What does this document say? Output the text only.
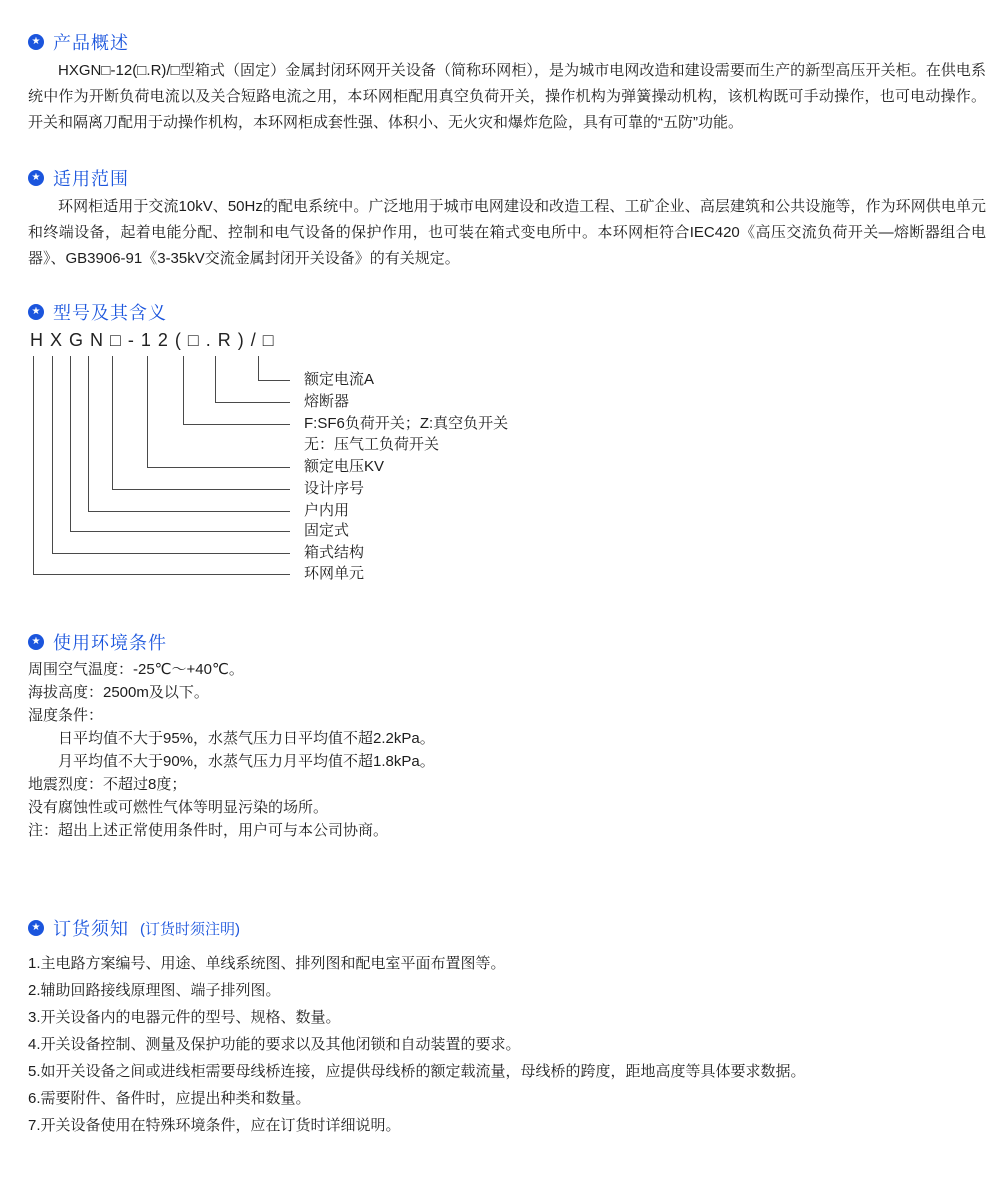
★ 产品概述

HXGN□-12(□.R)/□型箱式（固定）金属封闭环网开关设备（简称环网柜），是为城市电网改造和建设需要而生产的新型高压开关柜。在供电系统中作为开断负荷电流以及关合短路电流之用，本环网柜配用真空负荷开关，操作机构为弹簧操动机构，该机构既可手动操作，也可电动操作。开关和隔离刀配用于动操作机构，本环网柜成套性强、体积小、无火灾和爆炸危险，具有可靠的“五防”功能。

★ 适用范围

环网柜适用于交流10kV、50Hz的配电系统中。广泛地用于城市电网建设和改造工程、工矿企业、高层建筑和公共设施等，作为环网供电单元和终端设备，起着电能分配、控制和电气设备的保护作用，也可装在箱式变电所中。本环网柜符合IEC420《高压交流负荷开关—熔断器组合电器》、GB3906-91《3-35kV交流金属封闭开关设备》的有关规定。

★ 型号及其含义
HXGN□-12(□.R)/□
额定电流A
熔断器
F:SF6负荷开关；Z:真空负开关
无：压气工负荷开关
额定电压KV
设计序号
户内用
固定式
箱式结构
环网单元
★ 使用环境条件
周围空气温度：-25℃～+40℃。
海拔高度：2500m及以下。
湿度条件：
日平均值不大于95%，水蒸气压力日平均值不超2.2kPa。
月平均值不大于90%，水蒸气压力月平均值不超1.8kPa。
地震烈度：不超过8度；
没有腐蚀性或可燃性气体等明显污染的场所。
注：超出上述正常使用条件时，用户可与本公司协商。
★ 订货须知 (订货时须注明)
1.主电路方案编号、用途、单线系统图、排列图和配电室平面布置图等。
2.辅助回路接线原理图、端子排列图。
3.开关设备内的电器元件的型号、规格、数量。
4.开关设备控制、测量及保护功能的要求以及其他闭锁和自动装置的要求。
5.如开关设备之间或进线柜需要母线桥连接，应提供母线桥的额定载流量，母线桥的跨度，距地高度等具体要求数据。
6.需要附件、备件时，应提出种类和数量。
7.开关设备使用在特殊环境条件，应在订货时详细说明。
